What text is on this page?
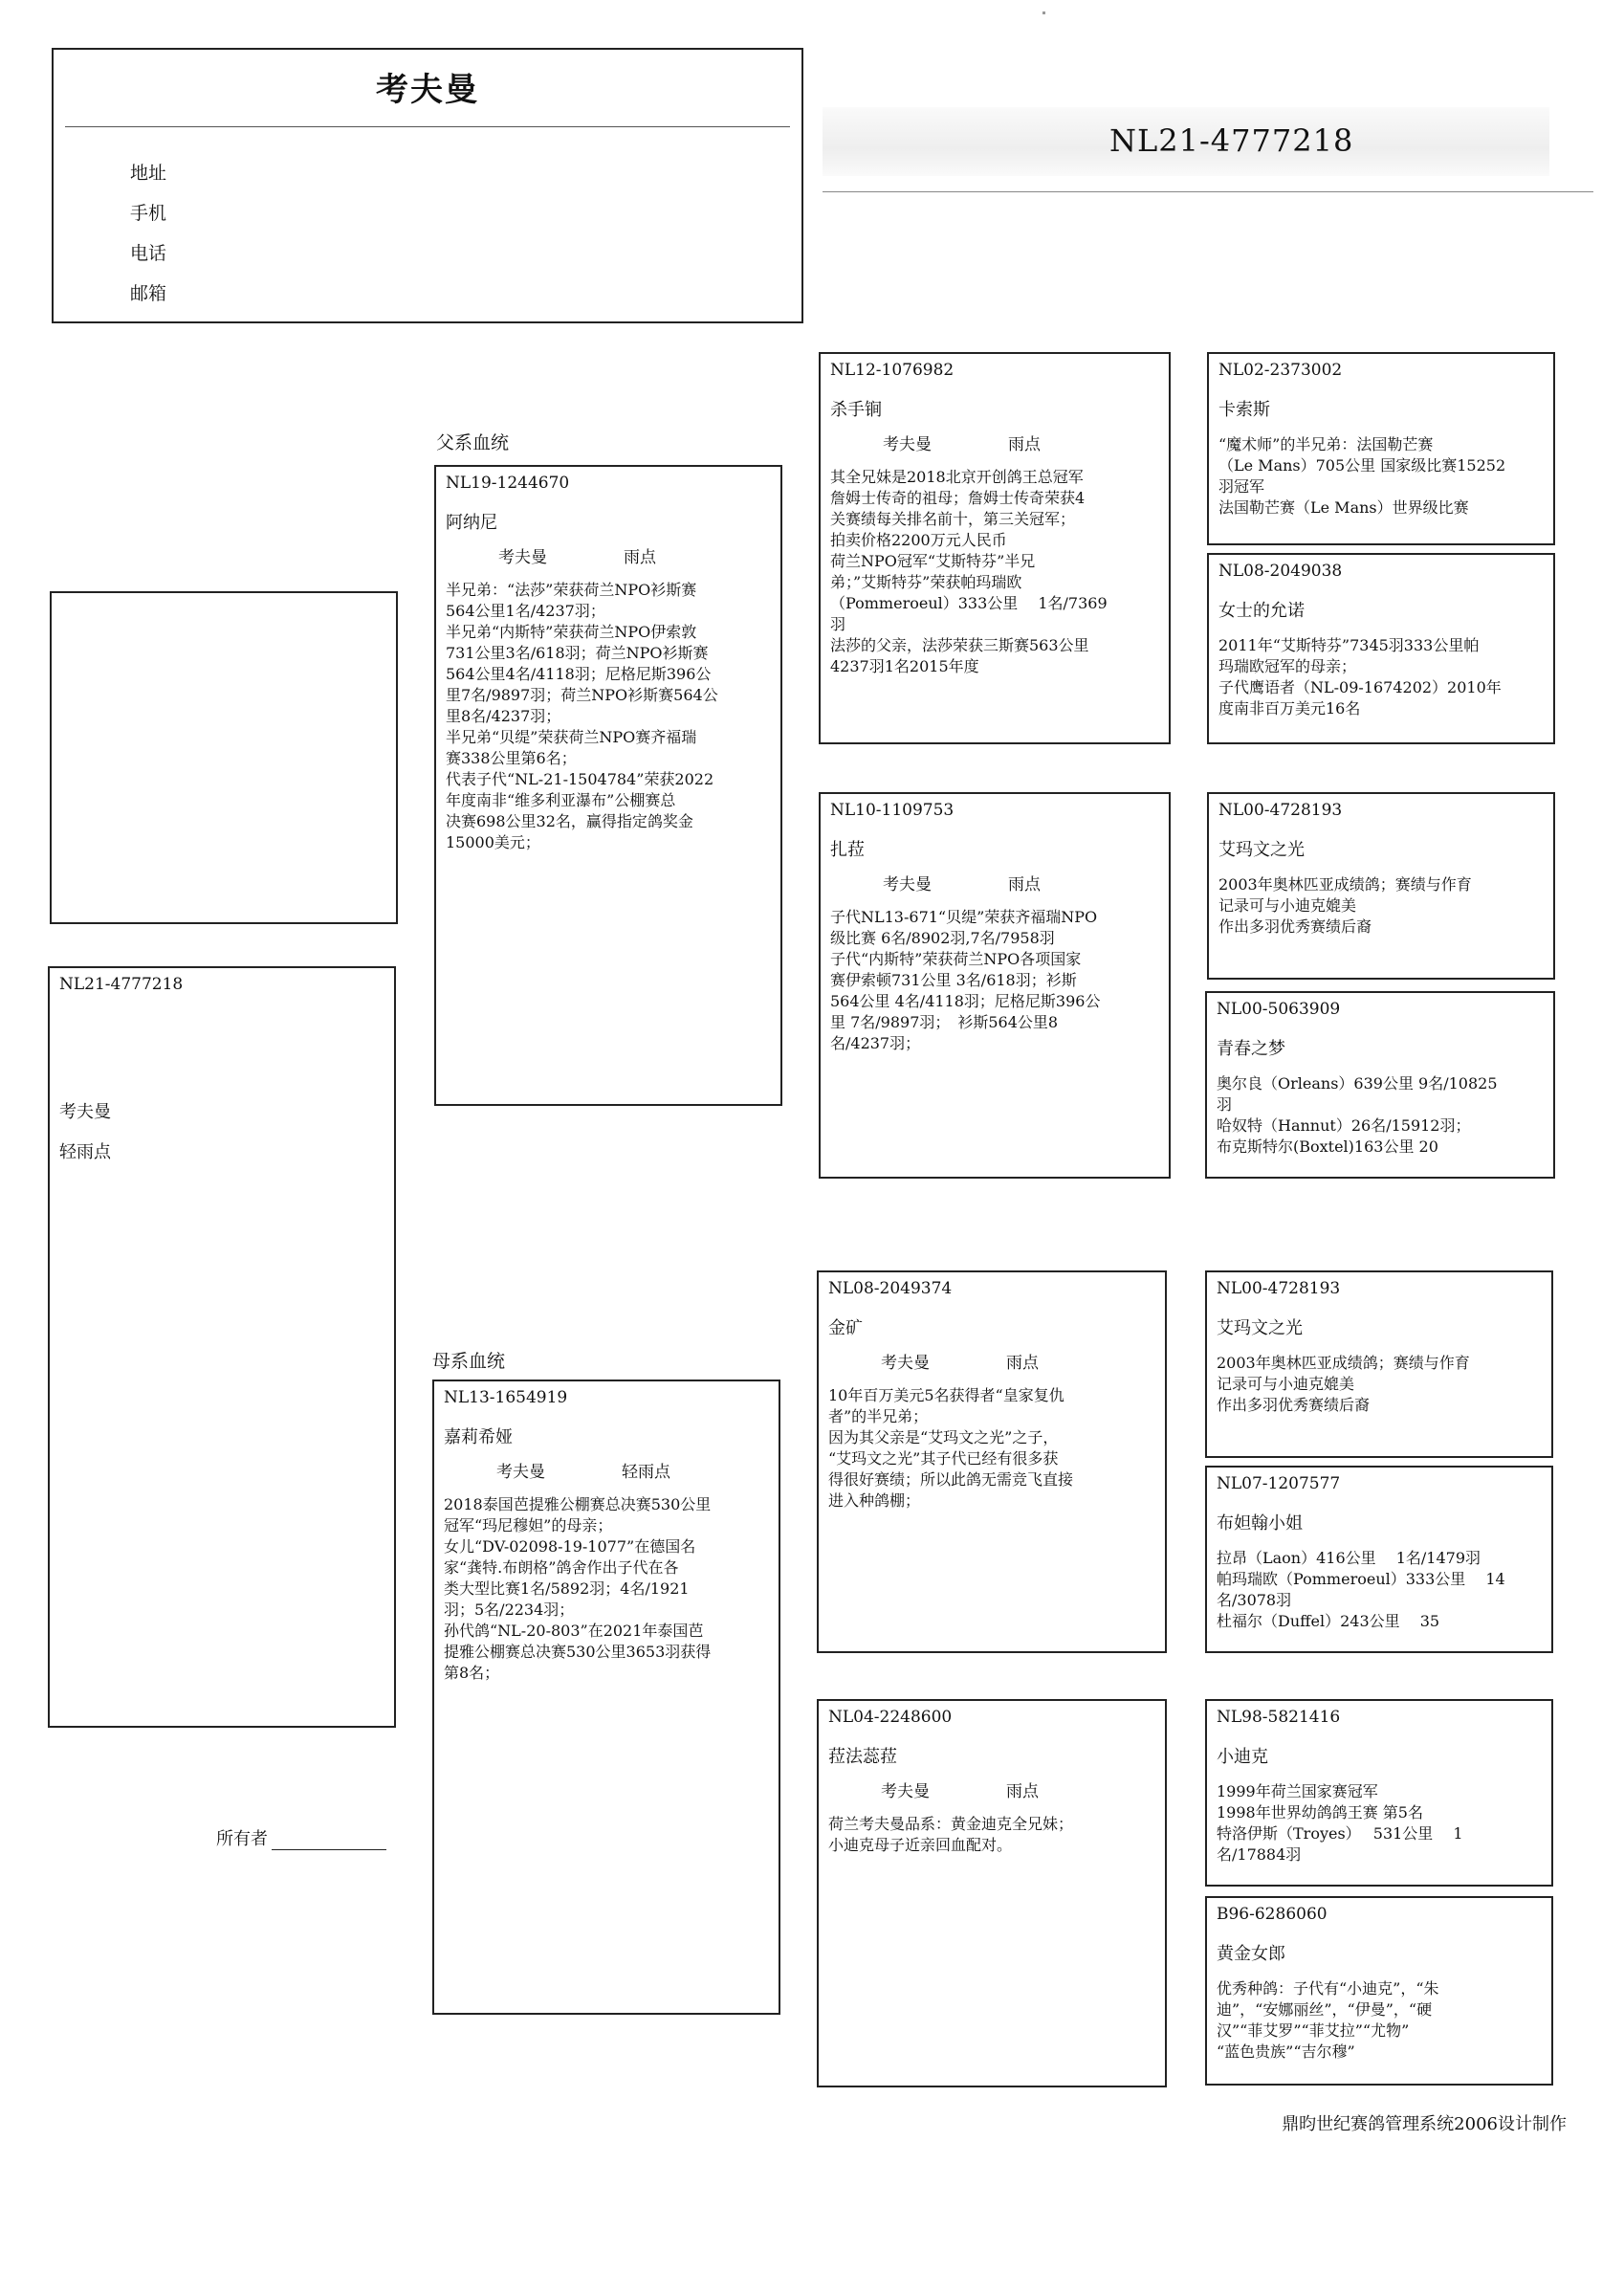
考夫曼
地址
手机
电话
邮箱
NL21-4777218
NL21-4777218
考夫曼
轻雨点
所有者
父系血统
母系血统
NL19-1244670
阿纳尼
考夫曼	雨点
半兄弟：“法莎”荣获荷兰NPO衫斯赛
564公里1名/4237羽；
半兄弟“内斯特”荣获荷兰NPO伊索敦
731公里3名/618羽；荷兰NPO衫斯赛
564公里4名/4118羽；尼格尼斯396公
里7名/9897羽；荷兰NPO衫斯赛564公
里8名/4237羽；
半兄弟“贝缇”荣获荷兰NPO赛齐福瑞
赛338公里第6名；
代表子代“NL-21-1504784”荣获2022
年度南非“维多利亚瀑布”公棚赛总
决赛698公里32名，赢得指定鸽奖金
15000美元；
NL13-1654919
嘉莉希娅
考夫曼	轻雨点
2018泰国芭提雅公棚赛总决赛530公里
冠军“玛尼穆妲”的母亲；
女儿“DV-02098-19-1077”在德国名
家“龚特.布朗格”鸽舍作出子代在各
类大型比赛1名/5892羽；4名/1921
羽；5名/2234羽；
孙代鸽“NL-20-803”在2021年泰国芭
提雅公棚赛总决赛530公里3653羽获得
第8名；
NL12-1076982
杀手锏
考夫曼	雨点
其全兄妹是2018北京开创鸽王总冠军
詹姆士传奇的祖母；詹姆士传奇荣获4
关赛绩每关排名前十，第三关冠军；
拍卖价格2200万元人民币
荷兰NPO冠军“艾斯特芬”半兄
弟；”艾斯特芬”荣获帕玛瑞欧
（Pommeroeul）333公里　 1名/7369
羽
法莎的父亲，法莎荣获三斯赛563公里
4237羽1名2015年度
NL10-1109753
扎菈
考夫曼	雨点
子代NL13-671“贝缇”荣获齐福瑞NPO
级比赛 6名/8902羽,7名/7958羽
子代“内斯特”荣获荷兰NPO各项国家
赛伊索顿731公里 3名/618羽；衫斯
564公里 4名/4118羽；尼格尼斯396公
里 7名/9897羽；　衫斯564公里8
名/4237羽；
NL08-2049374
金矿
考夫曼	雨点
10年百万美元5名获得者“皇家复仇
者”的半兄弟；
因为其父亲是“艾玛文之光”之子，
“艾玛文之光”其子代已经有很多获
得很好赛绩；所以此鸽无需竞飞直接
进入种鸽棚；
NL04-2248600
菈法蕊菈
考夫曼	雨点
荷兰考夫曼品系：黄金迪克全兄妹；
小迪克母子近亲回血配对。
NL02-2373002
卡索斯
“魔术师”的半兄弟：法国勒芒赛
（Le Mans）705公里 国家级比赛15252
羽冠军
法国勒芒赛（Le Mans）世界级比赛
NL08-2049038
女士的允诺
2011年“艾斯特芬”7345羽333公里帕
玛瑞欧冠军的母亲；
子代鹰语者（NL-09-1674202）2010年
度南非百万美元16名
NL00-4728193
艾玛文之光
2003年奥林匹亚成绩鸽；赛绩与作育
记录可与小迪克媲美
作出多羽优秀赛绩后裔
NL00-5063909
青春之梦
奥尔良（Orleans）639公里 9名/10825
羽
哈奴特（Hannut）26名/15912羽；
布克斯特尔(Boxtel)163公里 20
NL00-4728193
艾玛文之光
2003年奥林匹亚成绩鸽；赛绩与作育
记录可与小迪克媲美
作出多羽优秀赛绩后裔
NL07-1207577
布妲翰小姐
拉昂（Laon）416公里　 1名/1479羽
帕玛瑞欧（Pommeroeul）333公里　 14
名/3078羽
杜福尔（Duffel）243公里　 35
NL98-5821416
小迪克
1999年荷兰国家赛冠军
1998年世界幼鸽鸽王赛 第5名
特洛伊斯（Troyes）　 531公里　 1
名/17884羽
B96-6286060
黄金女郎
优秀种鸽：子代有“小迪克”，“朱
迪”，“安娜丽丝”，“伊曼”，“硬
汉”“菲艾罗”“菲艾拉”“尤物”
“蓝色贵族”“吉尔穆”
鼎昀世纪赛鸽管理系统2006设计制作
